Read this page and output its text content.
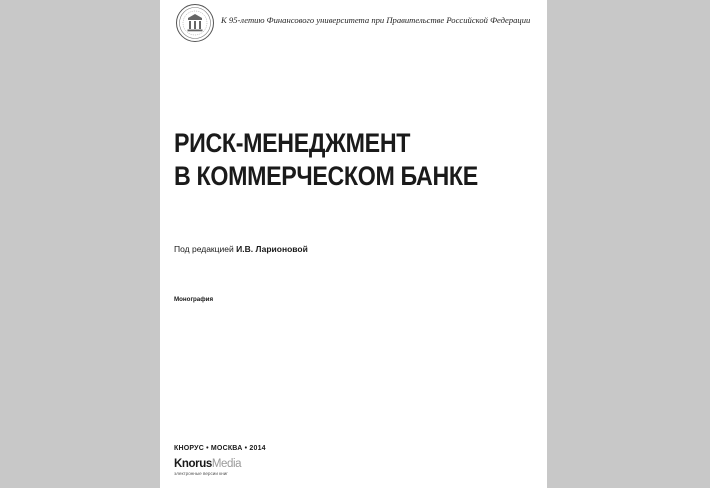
К 95-летию Финансового университета при Правительстве Российской Федерации
РИСК-МЕНЕДЖМЕНТ
В КОММЕРЧЕСКОМ БАНКЕ
Под редакцией И.В. Ларионовой
Монография
КНОРУС • МОСКВА • 2014
KnorusMedia
электронные версии книг
